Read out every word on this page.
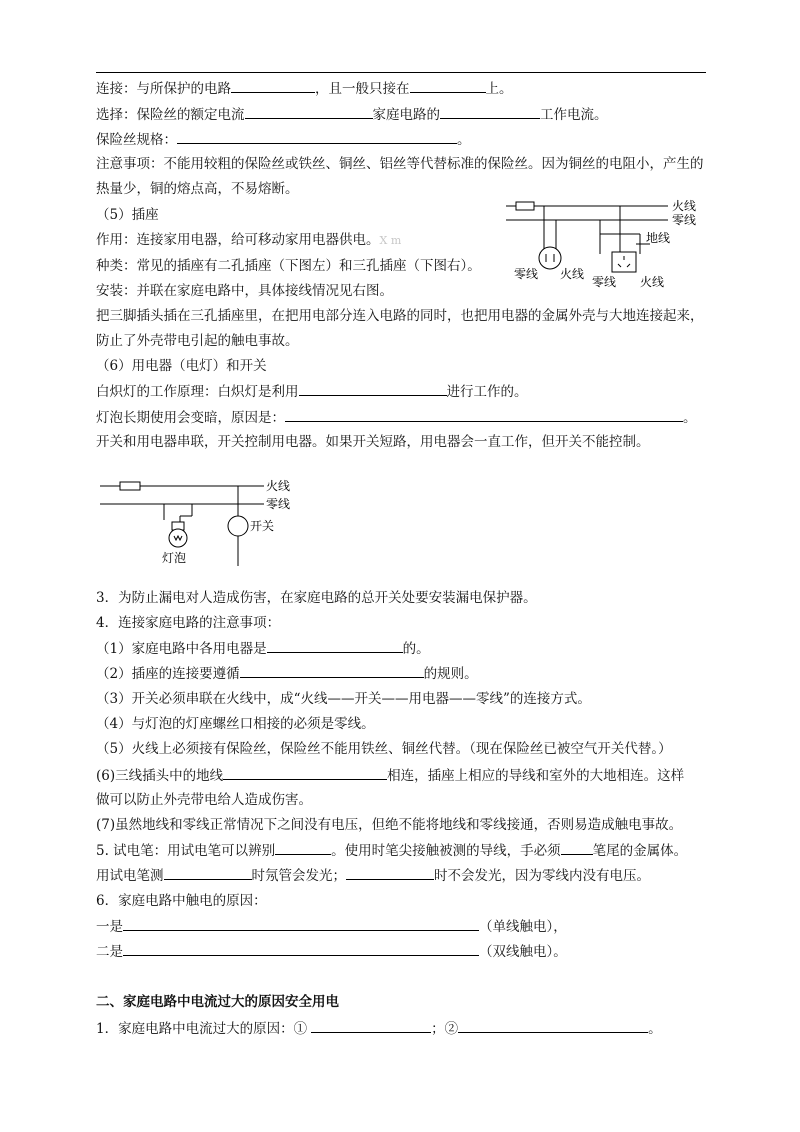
连接：与所保护的电路	，且一般只接在	上。
选择：保险丝的额定电流	家庭电路的	工作电流。
保险丝规格：	。
注意事项：不能用较粗的保险丝或铁丝、铜丝、铝丝等代替标准的保险丝。因为铜丝的电阻小，产生的
热量少，铜的熔点高，不易熔断。
（5）插座
作用：连接家用电器，给可移动家用电器供电。X m
种类：常见的插座有二孔插座（下图左）和三孔插座（下图右）。
安装：并联在家庭电路中，具体接线情况见右图。
把三脚插头插在三孔插座里，在把用电部分连入电路的同时，也把用电器的金属外壳与大地连接起来，
防止了外壳带电引起的触电事故。
（6）用电器（电灯）和开关
白炽灯的工作原理：白炽灯是利用	进行工作的。
灯泡长期使用会变暗，原因是：	。
开关和用电器串联，开关控制用电器。如果开关短路，用电器会一直工作，但开关不能控制。
火线
零线
地线
零线 火线
零线 火线
火线
零线
开关
灯泡
3．为防止漏电对人造成伤害，在家庭电路的总开关处要安装漏电保护器。
4．连接家庭电路的注意事项：
（1）家庭电路中各用电器是	的。
（2）插座的连接要遵循	的规则。
（3）开关必须串联在火线中，成“火线——开关——用电器——零线”的连接方式。
（4）与灯泡的灯座螺丝口相接的必须是零线。
（5）火线上必须接有保险丝，保险丝不能用铁丝、铜丝代替。（现在保险丝已被空气开关代替。）
(6)三线插头中的地线	相连，插座上相应的导线和室外的大地相连。这样
做可以防止外壳带电给人造成伤害。
(7)虽然地线和零线正常情况下之间没有电压，但绝不能将地线和零线接通，否则易造成触电事故。
5. 试电笔：用试电笔可以辨别	。使用时笔尖接触被测的导线，手必须 笔尾的金属体。
用试电笔测	时氖管会发光；	时不会发光，因为零线内没有电压。
6．家庭电路中触电的原因：
一是	（单线触电），
二是	（双线触电）。
二、家庭电路中电流过大的原因安全用电
1．家庭电路中电流过大的原因：①	；②	。
